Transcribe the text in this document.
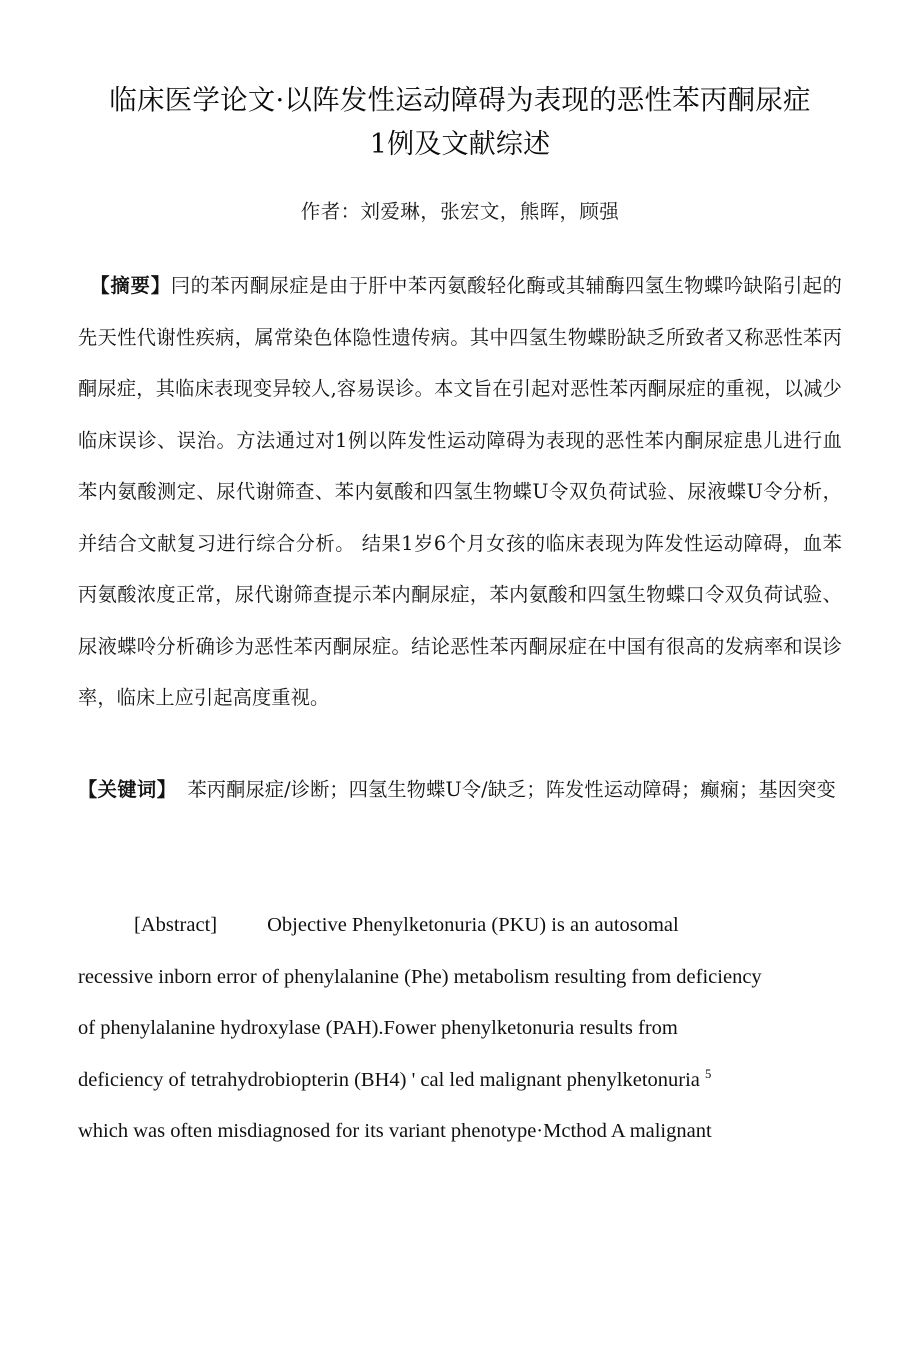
临床医学论文·以阵发性运动障碍为表现的恶性苯丙酮尿症
1例及文献综述

作者：刘爱琳，张宏文，熊晖，顾强

【摘要】冃的苯丙酮尿症是由于肝中苯丙氨酸轻化酶或其辅酶四氢生物蝶吟缺陷引起的先天性代谢性疾病，属常染色体隐性遗传病。其中四氢生物蝶盼缺乏所致者又称恶性苯丙酮尿症，其临床表现变异较人,容易误诊。本文旨在引起对恶性苯丙酮尿症的重视，以减少临床误诊、误治。方法通过对1例以阵发性运动障碍为表现的恶性苯内酮尿症患儿进行血苯内氨酸测定、尿代谢筛查、苯内氨酸和四氢生物蝶U令双负荷试验、尿液蝶U令分析，并结合文献复习进行综合分析。 结果1岁6个月女孩的临床表现为阵发性运动障碍，血苯丙氨酸浓度正常，尿代谢筛查提示苯内酮尿症，苯内氨酸和四氢生物蝶口令双负荷试验、尿液蝶呤分析确诊为恶性苯丙酮尿症。结论恶性苯丙酮尿症在中国有很高的发病率和误诊率，临床上应引起高度重视。
【关键词】 苯丙酮尿症/诊断；四氢生物蝶U令/缺乏；阵发性运动障碍；癫痫；基因突变
[Abstract] Objective Phenylketonuria (PKU) is an autosomal
recessive inborn error of phenylalanine (Phe) metabolism resulting from deficiency
of phenylalanine hydroxylase (PAH).Fower phenylketonuria results from
deficiency of tetrahydrobiopterin (BH4) ' cal led malignant phenylketonuria $^5$
which was often misdiagnosed for its variant phenotype·Mcthod A malignant
